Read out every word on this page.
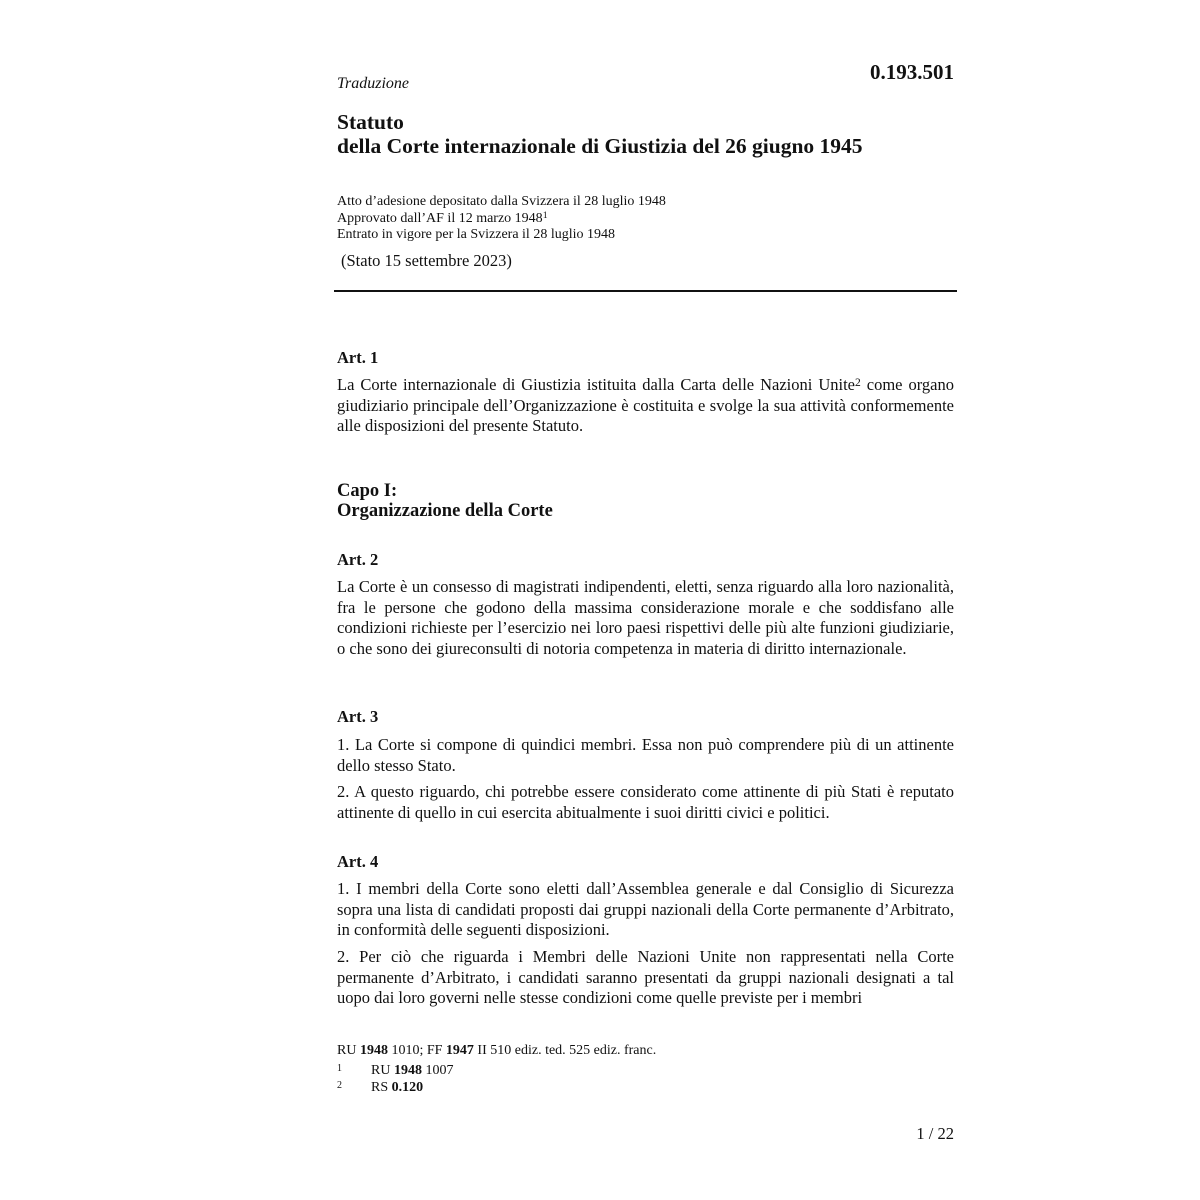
Traduzione	0.193.501
Statuto
della Corte internazionale di Giustizia del 26 giugno 1945
Atto d’adesione depositato dalla Svizzera il 28 luglio 1948
Approvato dall’AF il 12 marzo 1948$^1$
Entrato in vigore per la Svizzera il 28 luglio 1948
(Stato 15 settembre 2023)
Art. 1
La Corte internazionale di Giustizia istituita dalla Carta delle Nazioni Unite$^2$ come organo giudiziario principale dell’Organizzazione è costituita e svolge la sua attività conformemente alle disposizioni del presente Statuto.
Capo I:
Organizzazione della Corte
Art. 2
La Corte è un consesso di magistrati indipendenti, eletti, senza riguardo alla loro nazionalità, fra le persone che godono della massima considerazione morale e che soddisfano alle condizioni richieste per l’esercizio nei loro paesi rispettivi delle più alte funzioni giudiziarie, o che sono dei giureconsulti di notoria competenza in materia di diritto internazionale.
Art. 3
1. La Corte si compone di quindici membri. Essa non può comprendere più di un attinente dello stesso Stato.
2. A questo riguardo, chi potrebbe essere considerato come attinente di più Stati è reputato attinente di quello in cui esercita abitualmente i suoi diritti civici e politici.
Art. 4
1. I membri della Corte sono eletti dall’Assemblea generale e dal Consiglio di Sicurezza sopra una lista di candidati proposti dai gruppi nazionali della Corte permanente d’Arbitrato, in conformità delle seguenti disposizioni.
2. Per ciò che riguarda i Membri delle Nazioni Unite non rappresentati nella Corte permanente d’Arbitrato, i candidati saranno presentati da gruppi nazionali designati a tal uopo dai loro governi nelle stesse condizioni come quelle previste per i membri
RU 1948 1010; FF 1947 II 510 ediz. ted. 525 ediz. franc.
1 RU 1948 1007
2 RS 0.120
1 / 22
